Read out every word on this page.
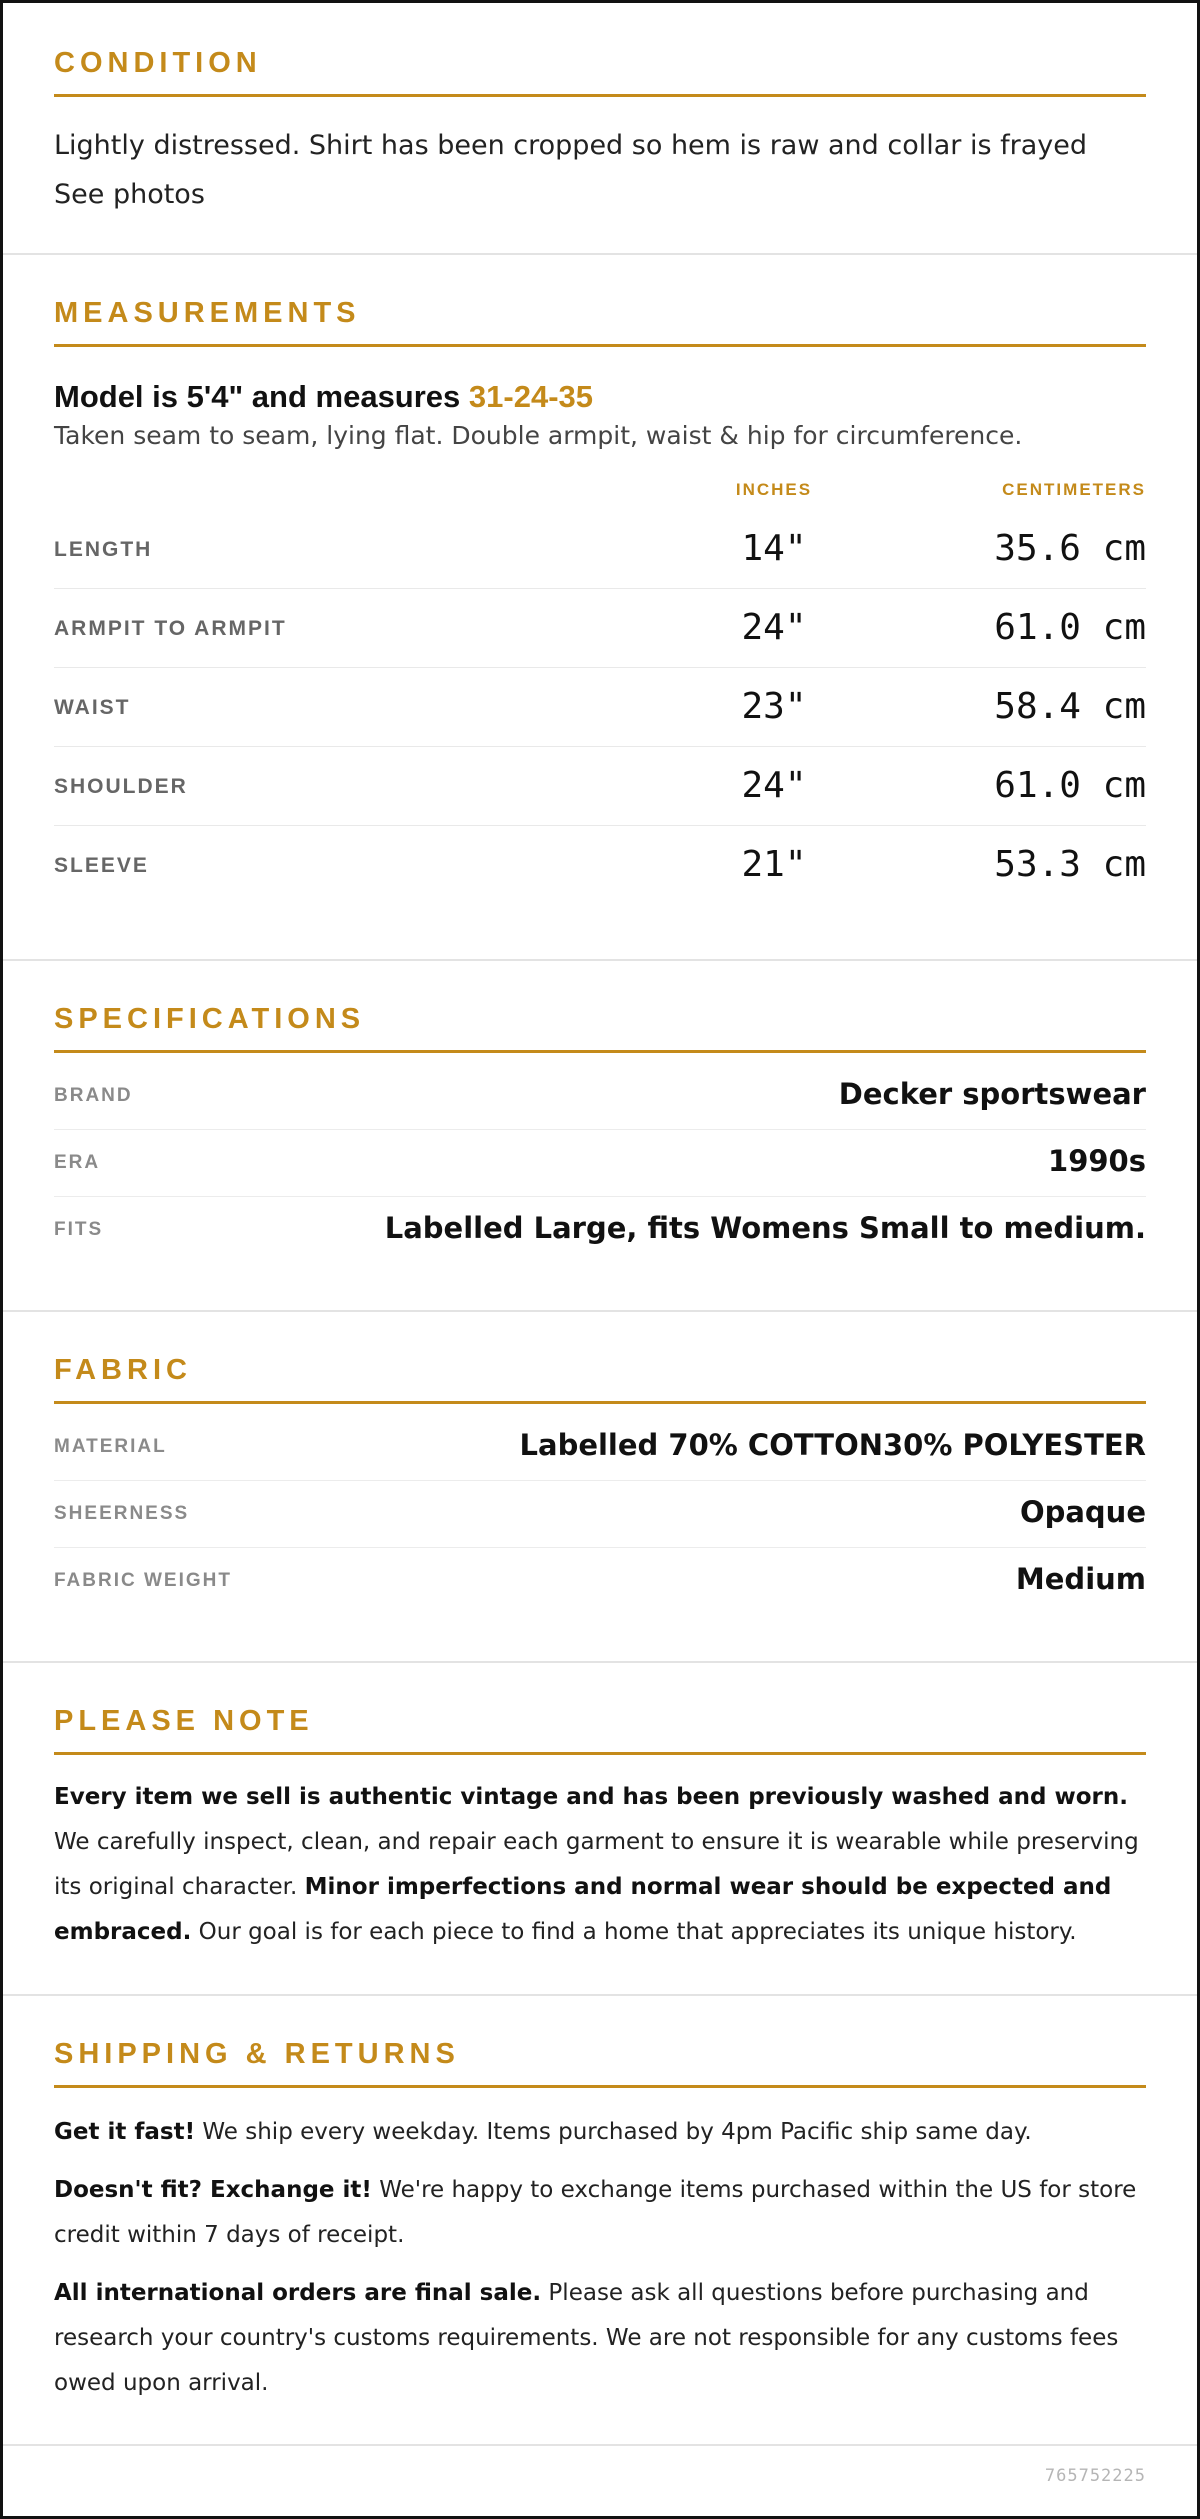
CONDITION
Lightly distressed. Shirt has been cropped so hem is raw and collar is frayed See photos
MEASUREMENTS
Model is 5'4" and measures 31-24-35
Taken seam to seam, lying flat. Double armpit, waist & hip for circumference.
INCHES	CENTIMETERS
LENGTH	14"	35.6 cm
ARMPIT TO ARMPIT	24"	61.0 cm
WAIST	23"	58.4 cm
SHOULDER	24"	61.0 cm
SLEEVE	21"	53.3 cm
SPECIFICATIONS
BRAND	Decker sportswear
ERA	1990s
FITS	Labelled Large, fits Womens Small to medium.
FABRIC
MATERIAL	Labelled 70% COTTON30% POLYESTER
SHEERNESS	Opaque
FABRIC WEIGHT	Medium
PLEASE NOTE

Every item we sell is authentic vintage and has been previously washed and worn. We carefully inspect, clean, and repair each garment to ensure it is wearable while preserving its original character. Minor imperfections and normal wear should be expected and embraced. Our goal is for each piece to find a home that appreciates its unique history.

SHIPPING & RETURNS

Get it fast! We ship every weekday. Items purchased by 4pm Pacific ship same day.

Doesn't fit? Exchange it! We're happy to exchange items purchased within the US for store credit within 7 days of receipt.

All international orders are final sale. Please ask all questions before purchasing and research your country's customs requirements. We are not responsible for any customs fees owed upon arrival.

765752225
